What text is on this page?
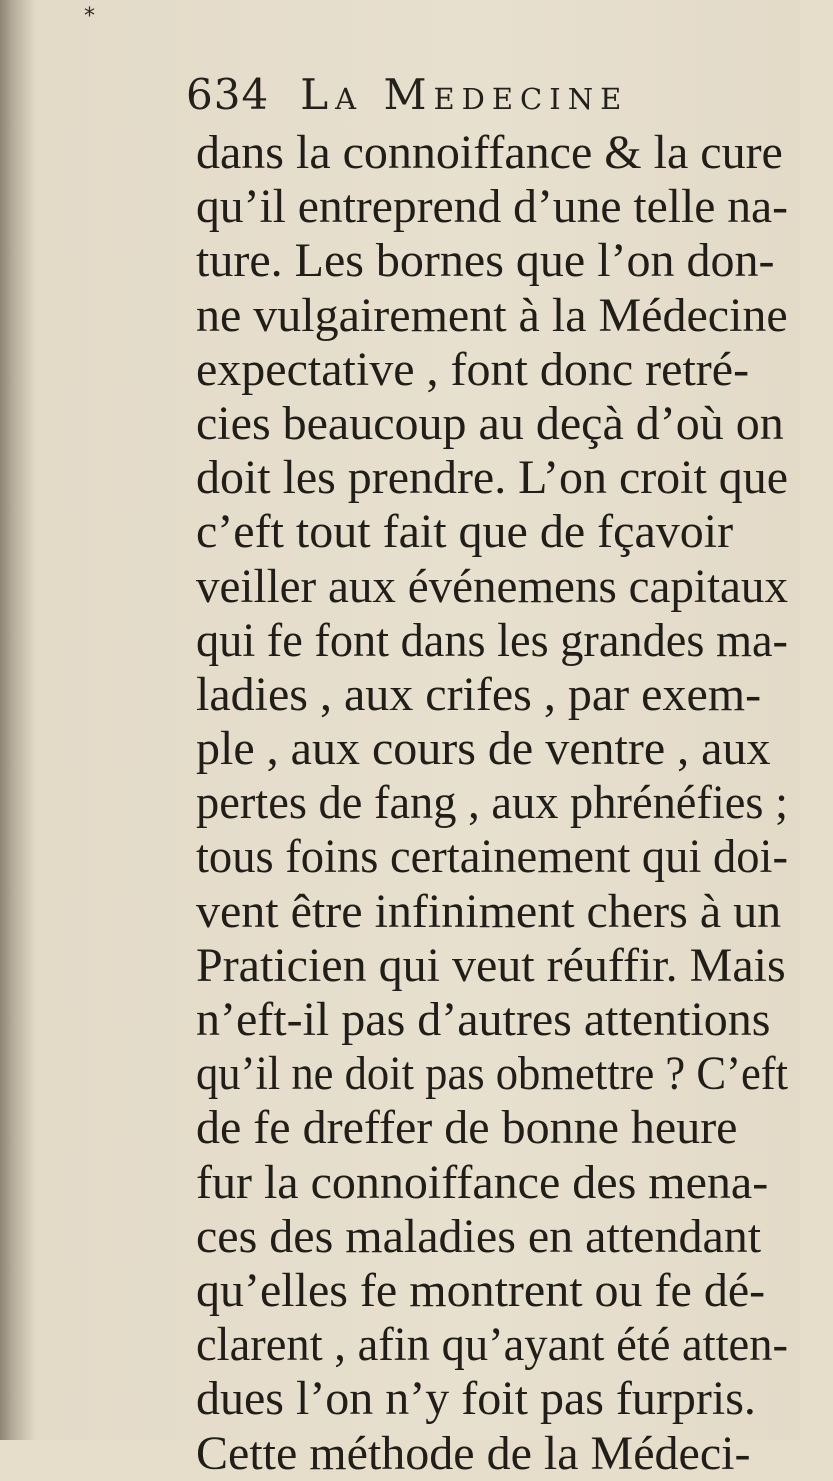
*
634 La Medecine
dans la connoiffance & la cure
qu’il entreprend d’une telle na-
ture. Les bornes que l’on don-
ne vulgairement à la Médecine
expectative , font donc retré-
cies beaucoup au deçà d’où on
doit les prendre. L’on croit que
c’eft tout fait que de fçavoir
veiller aux événemens capitaux
qui fe font dans les grandes ma-
ladies , aux crifes , par exem-
ple , aux cours de ventre , aux
pertes de fang , aux phrénéfies ;
tous foins certainement qui doi-
vent être infiniment chers à un
Praticien qui veut réuffir. Mais
n’eft-il pas d’autres attentions
qu’il ne doit pas obmettre ? C’eft
de fe dreffer de bonne heure
fur la connoiffance des mena-
ces des maladies en attendant
qu’elles fe montrent ou fe dé-
clarent , afin qu’ayant été atten-
dues l’on n’y foit pas furpris.
Cette méthode de la Médeci-
